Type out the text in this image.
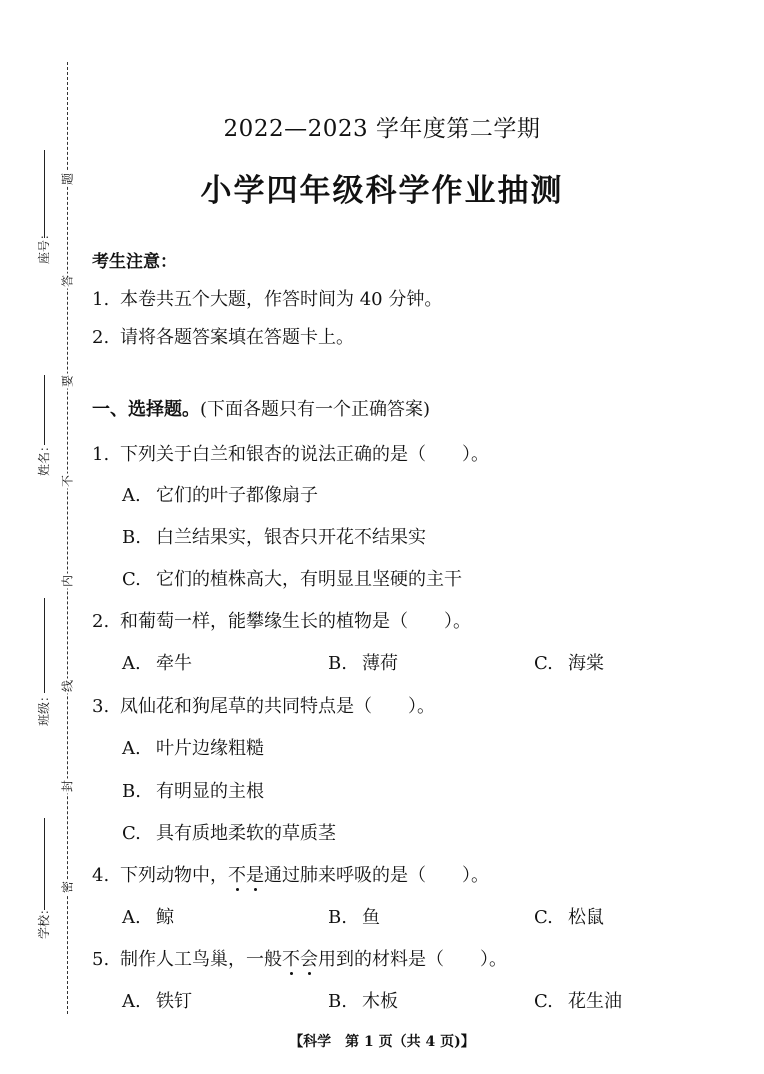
题
答
要
不
内
线
封
密
座号：
姓名：
班级：
学校：
2022—2023 学年度第二学期
小学四年级科学作业抽测
考生注意：
1. 本卷共五个大题，作答时间为 40 分钟。
2. 请将各题答案填在答题卡上。
一、选择题。(下面各题只有一个正确答案)
1. 下列关于白兰和银杏的说法正确的是（　　）。
A. 它们的叶子都像扇子
B. 白兰结果实，银杏只开花不结果实
C. 它们的植株高大，有明显且坚硬的主干
2. 和葡萄一样，能攀缘生长的植物是（　　）。
A. 牵牛	B. 薄荷	C. 海棠
3. 凤仙花和狗尾草的共同特点是（　　）。
A. 叶片边缘粗糙
B. 有明显的主根
C. 具有质地柔软的草质茎
4. 下列动物中，不是通过肺来呼吸的是（　　）。
A. 鲸	B. 鱼	C. 松鼠
5. 制作人工鸟巢，一般不会用到的材料是（　　）。
A. 铁钉	B. 木板	C. 花生油
【科学　第 1 页（共 4 页)】
